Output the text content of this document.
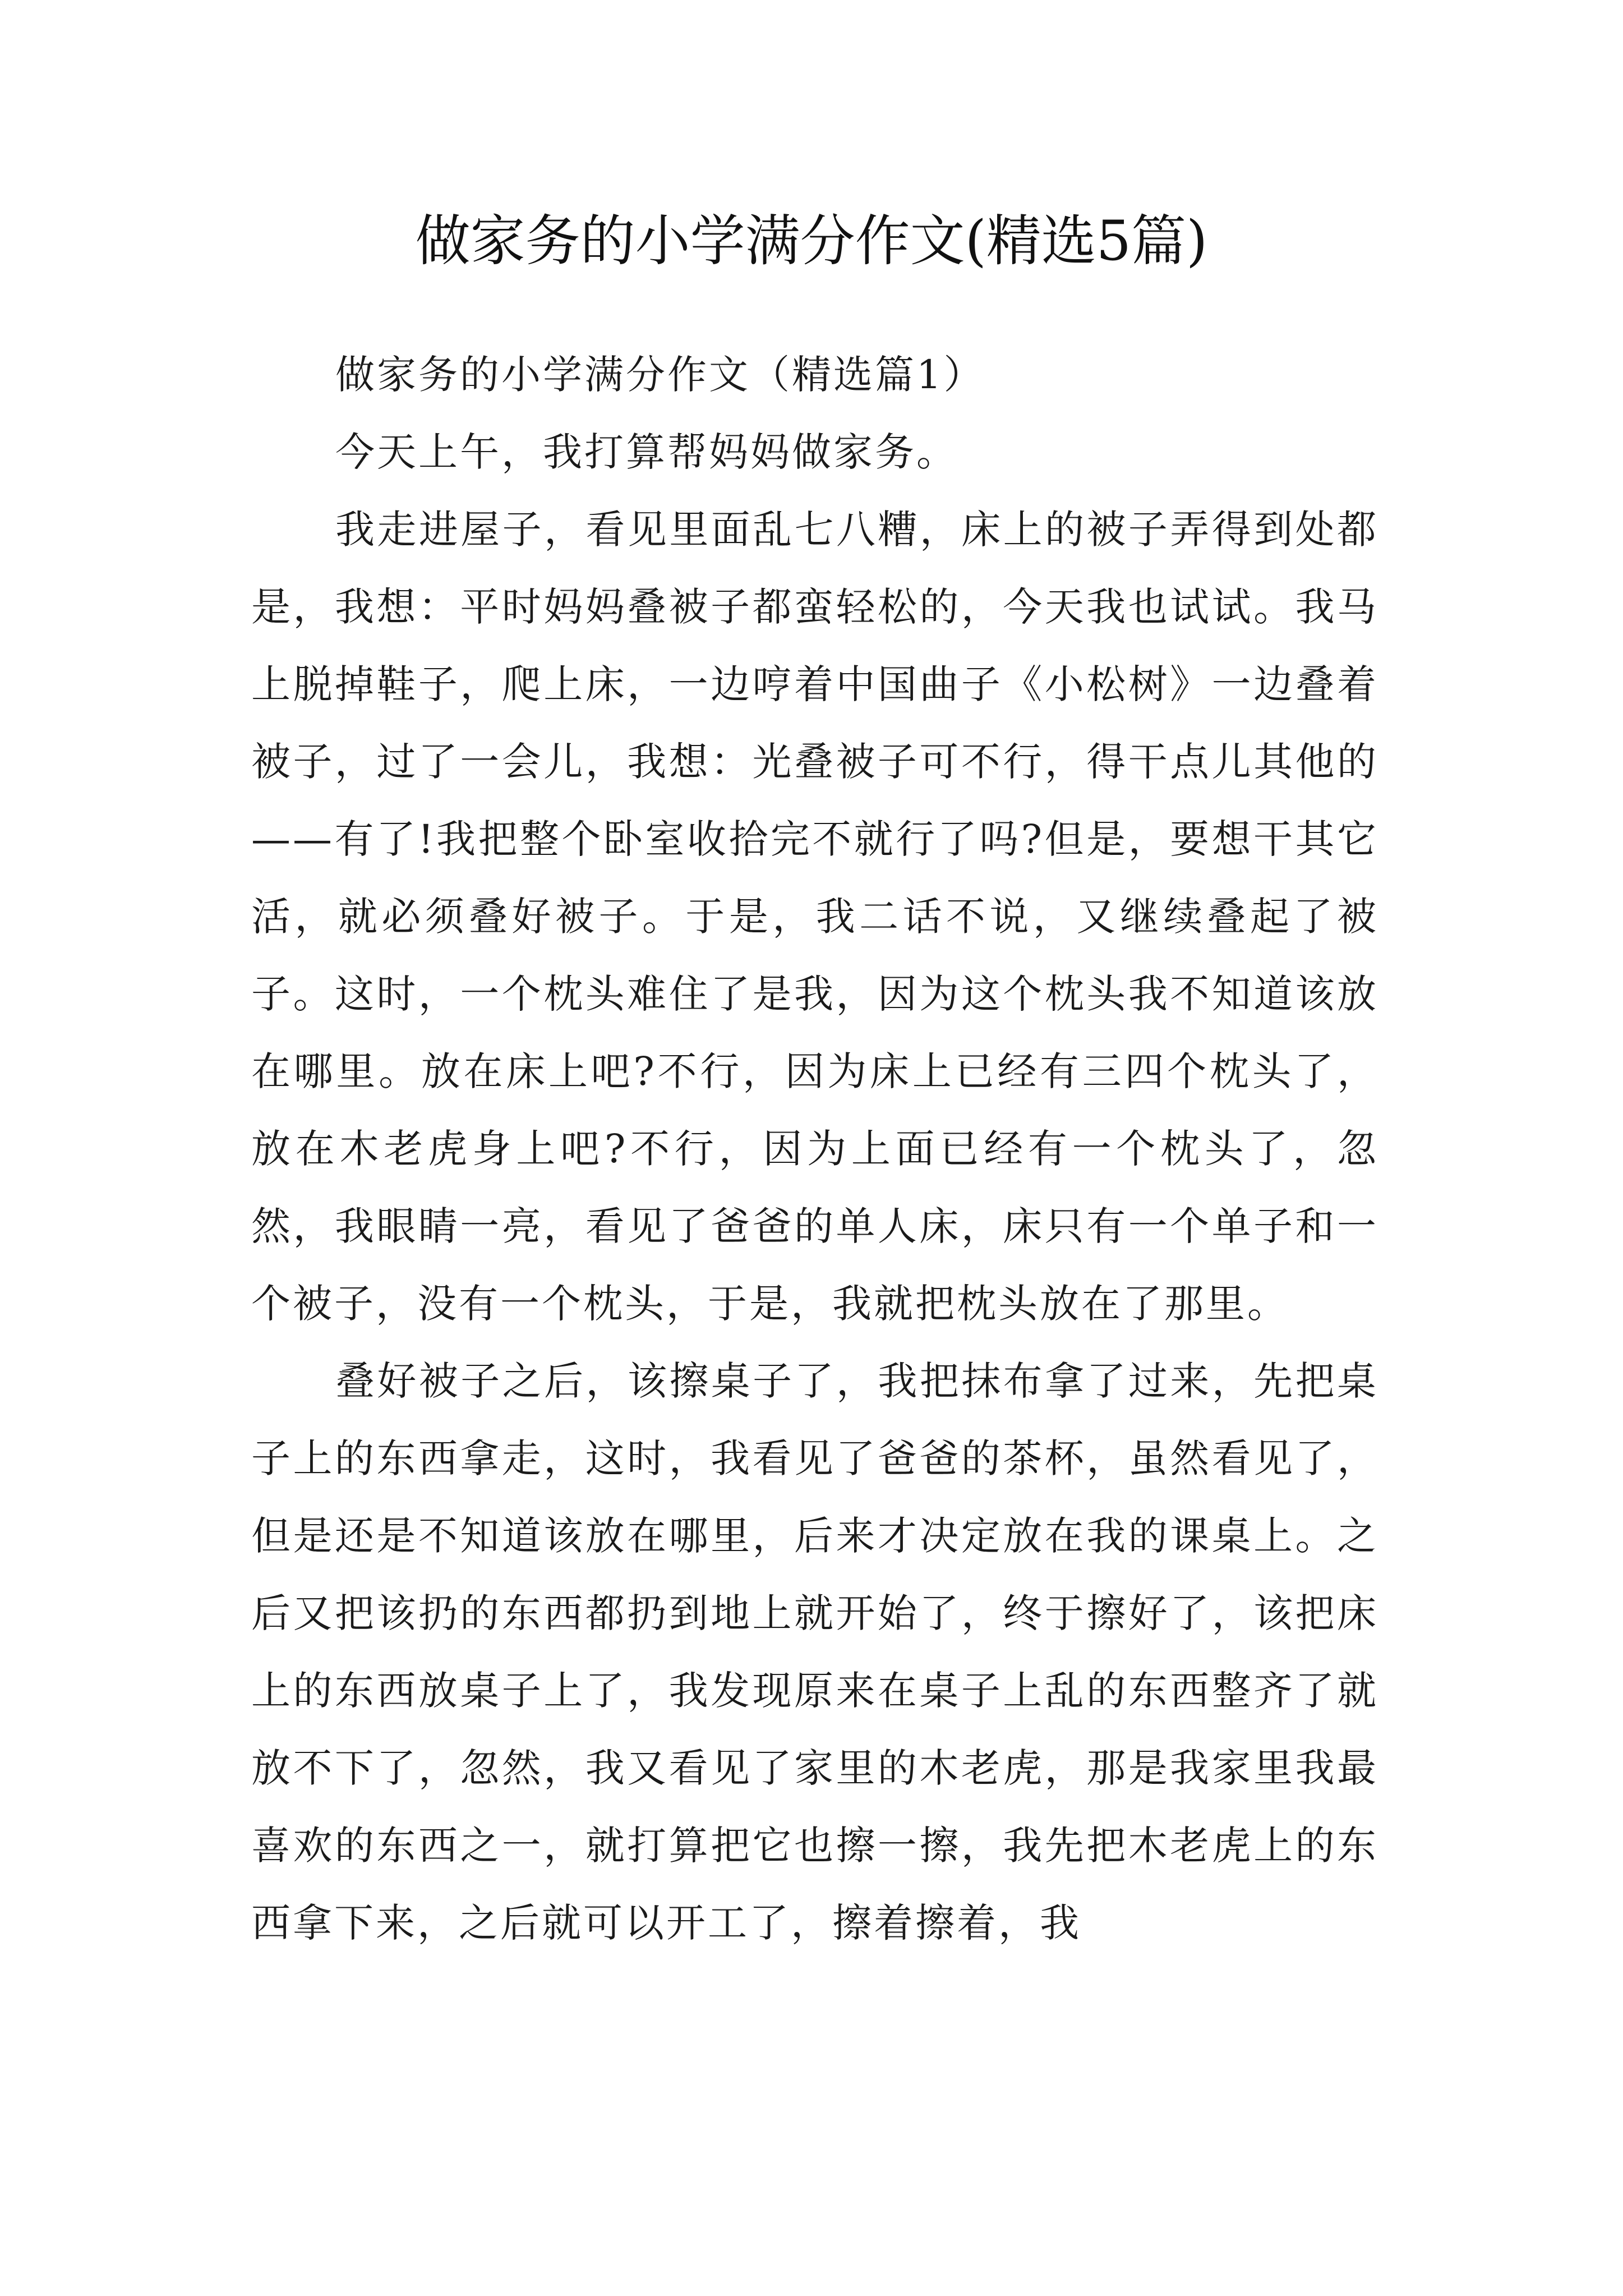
做家务的小学满分作文(精选5篇)

做家务的小学满分作文（精选篇1）

今天上午，我打算帮妈妈做家务。

我走进屋子，看见里面乱七八糟，床上的被子弄得到处都是，我想：平时妈妈叠被子都蛮轻松的，今天我也试试。我马上脱掉鞋子，爬上床，一边哼着中国曲子《小松树》一边叠着被子，过了一会儿，我想：光叠被子可不行，得干点儿其他的——有了!我把整个卧室收拾完不就行了吗?但是，要想干其它活，就必须叠好被子。于是，我二话不说，又继续叠起了被子。这时，一个枕头难住了是我，因为这个枕头我不知道该放在哪里。放在床上吧?不行，因为床上已经有三四个枕头了，放在木老虎身上吧?不行，因为上面已经有一个枕头了，忽然，我眼睛一亮，看见了爸爸的单人床，床只有一个单子和一个被子，没有一个枕头，于是，我就把枕头放在了那里。

叠好被子之后，该擦桌子了，我把抹布拿了过来，先把桌子上的东西拿走，这时，我看见了爸爸的茶杯，虽然看见了，但是还是不知道该放在哪里，后来才决定放在我的课桌上。之后又把该扔的东西都扔到地上就开始了，终于擦好了，该把床上的东西放桌子上了，我发现原来在桌子上乱的东西整齐了就放不下了，忽然，我又看见了家里的木老虎，那是我家里我最喜欢的东西之一，就打算把它也擦一擦，我先把木老虎上的东西拿下来，之后就可以开工了，擦着擦着，我
